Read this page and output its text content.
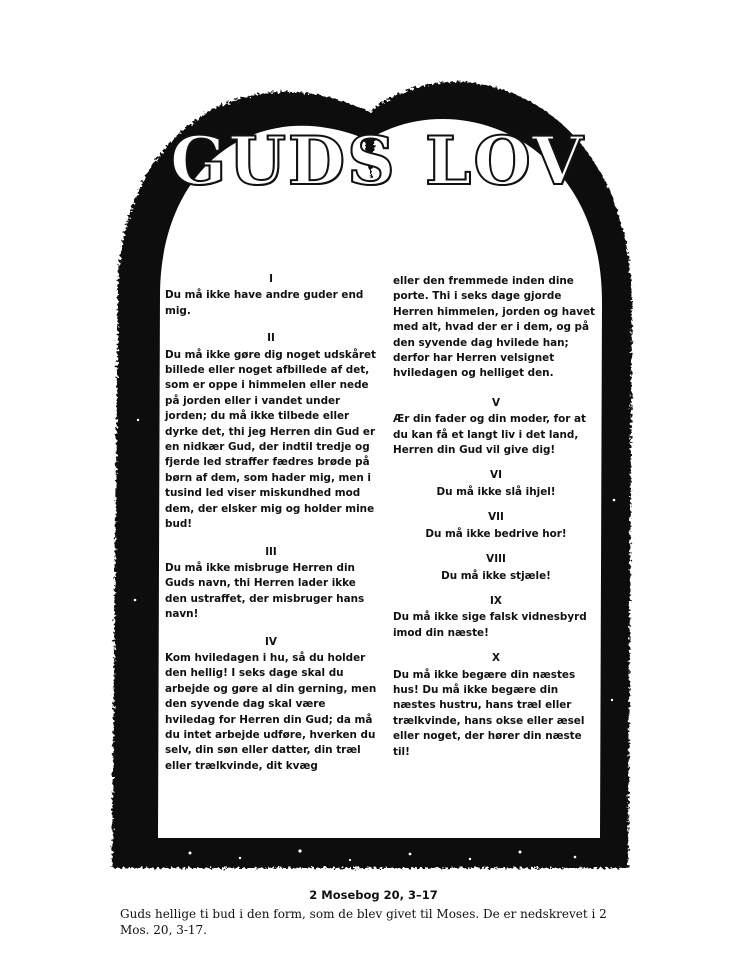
GUDS LOV
I
Du må ikke have andre guder end mig.
II
Du må ikke gøre dig noget udskåret billede eller noget afbillede af det, som er oppe i himmelen eller nede på jorden eller i vandet under jorden; du må ikke tilbede eller dyrke det, thi jeg Herren din Gud er en nidkær Gud, der indtil tredje og fjerde led straffer fædres brøde på børn af dem, som hader mig, men i tusind led viser miskundhed mod dem, der elsker mig og holder mine bud!
III
Du må ikke misbruge Herren din Guds navn, thi Herren lader ikke den ustraffet, der misbruger hans navn!
IV
Kom hviledagen i hu, så du holder den hellig! I seks dage skal du arbejde og gøre al din gerning, men den syvende dag skal være hviledag for Herren din Gud; da må du intet arbejde udføre, hverken du selv, din søn eller datter, din træl eller trælkvinde, dit kvæg
eller den fremmede inden dine porte. Thi i seks dage gjorde Herren himmelen, jorden og havet med alt, hvad der er i dem, og på den syvende dag hvilede han; derfor har Herren velsignet hviledagen og helliget den.
V
Ær din fader og din moder, for at du kan få et langt liv i det land, Herren din Gud vil give dig!
VI
Du må ikke slå ihjel!
VII
Du må ikke bedrive hor!
VIII
Du må ikke stjæle!
IX
Du må ikke sige falsk vidnesbyrd imod din næste!
X
Du må ikke begære din næstes hus! Du må ikke begære din næstes hustru, hans træl eller trælkvinde, hans okse eller æsel eller noget, der hører din næste til!
2 Mosebog 20, 3–17
Guds hellige ti bud i den form, som de blev givet til Moses. De er nedskrevet i 2 Mos. 20, 3-17.
